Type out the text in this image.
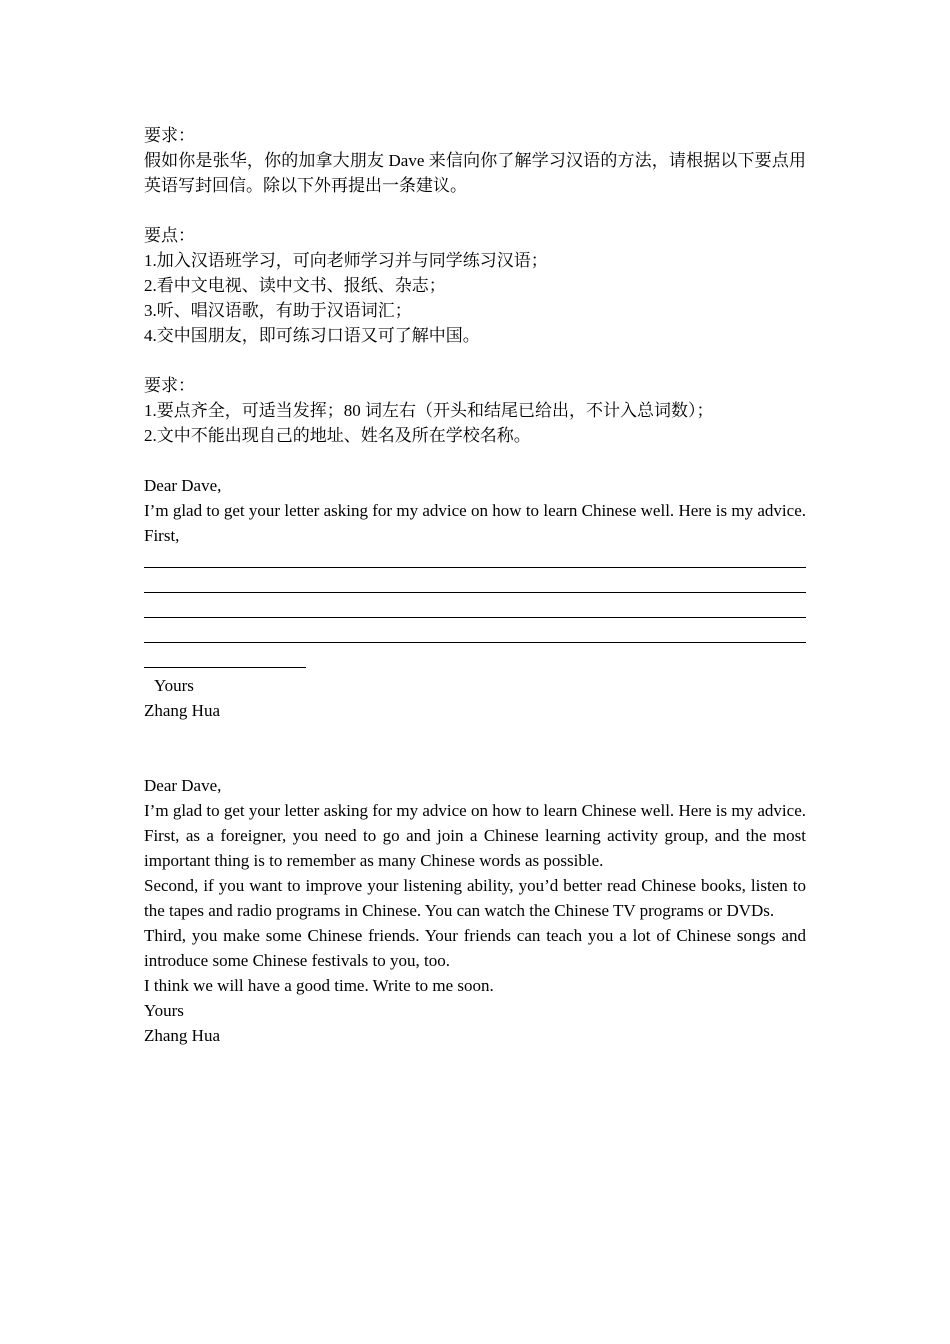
要求：

假如你是张华，你的加拿大朋友 Dave 来信向你了解学习汉语的方法，请根据以下要点用英语写封回信。除以下外再提出一条建议。

要点：

1.加入汉语班学习，可向老师学习并与同学练习汉语；

2.看中文电视、读中文书、报纸、杂志；

3.听、唱汉语歌，有助于汉语词汇；

4.交中国朋友，即可练习口语又可了解中国。

要求：

1.要点齐全，可适当发挥；80 词左右（开头和结尾已给出，不计入总词数）；

2.文中不能出现自己的地址、姓名及所在学校名称。

Dear Dave,

I’m glad to get your letter asking for my advice on how to learn Chinese well. Here is my advice. First,

Yours

Zhang Hua

Dear Dave,

I’m glad to get your letter asking for my advice on how to learn Chinese well. Here is my advice. First, as a foreigner, you need to go and join a Chinese learning activity group, and the most important thing is to remember as many Chinese words as possible.

Second, if you want to improve your listening ability, you’d better read Chinese books, listen to the tapes and radio programs in Chinese. You can watch the Chinese TV programs or DVDs.

Third, you make some Chinese friends. Your friends can teach you a lot of Chinese songs and introduce some Chinese festivals to you, too.

I think we will have a good time. Write to me soon.

Yours

Zhang Hua
